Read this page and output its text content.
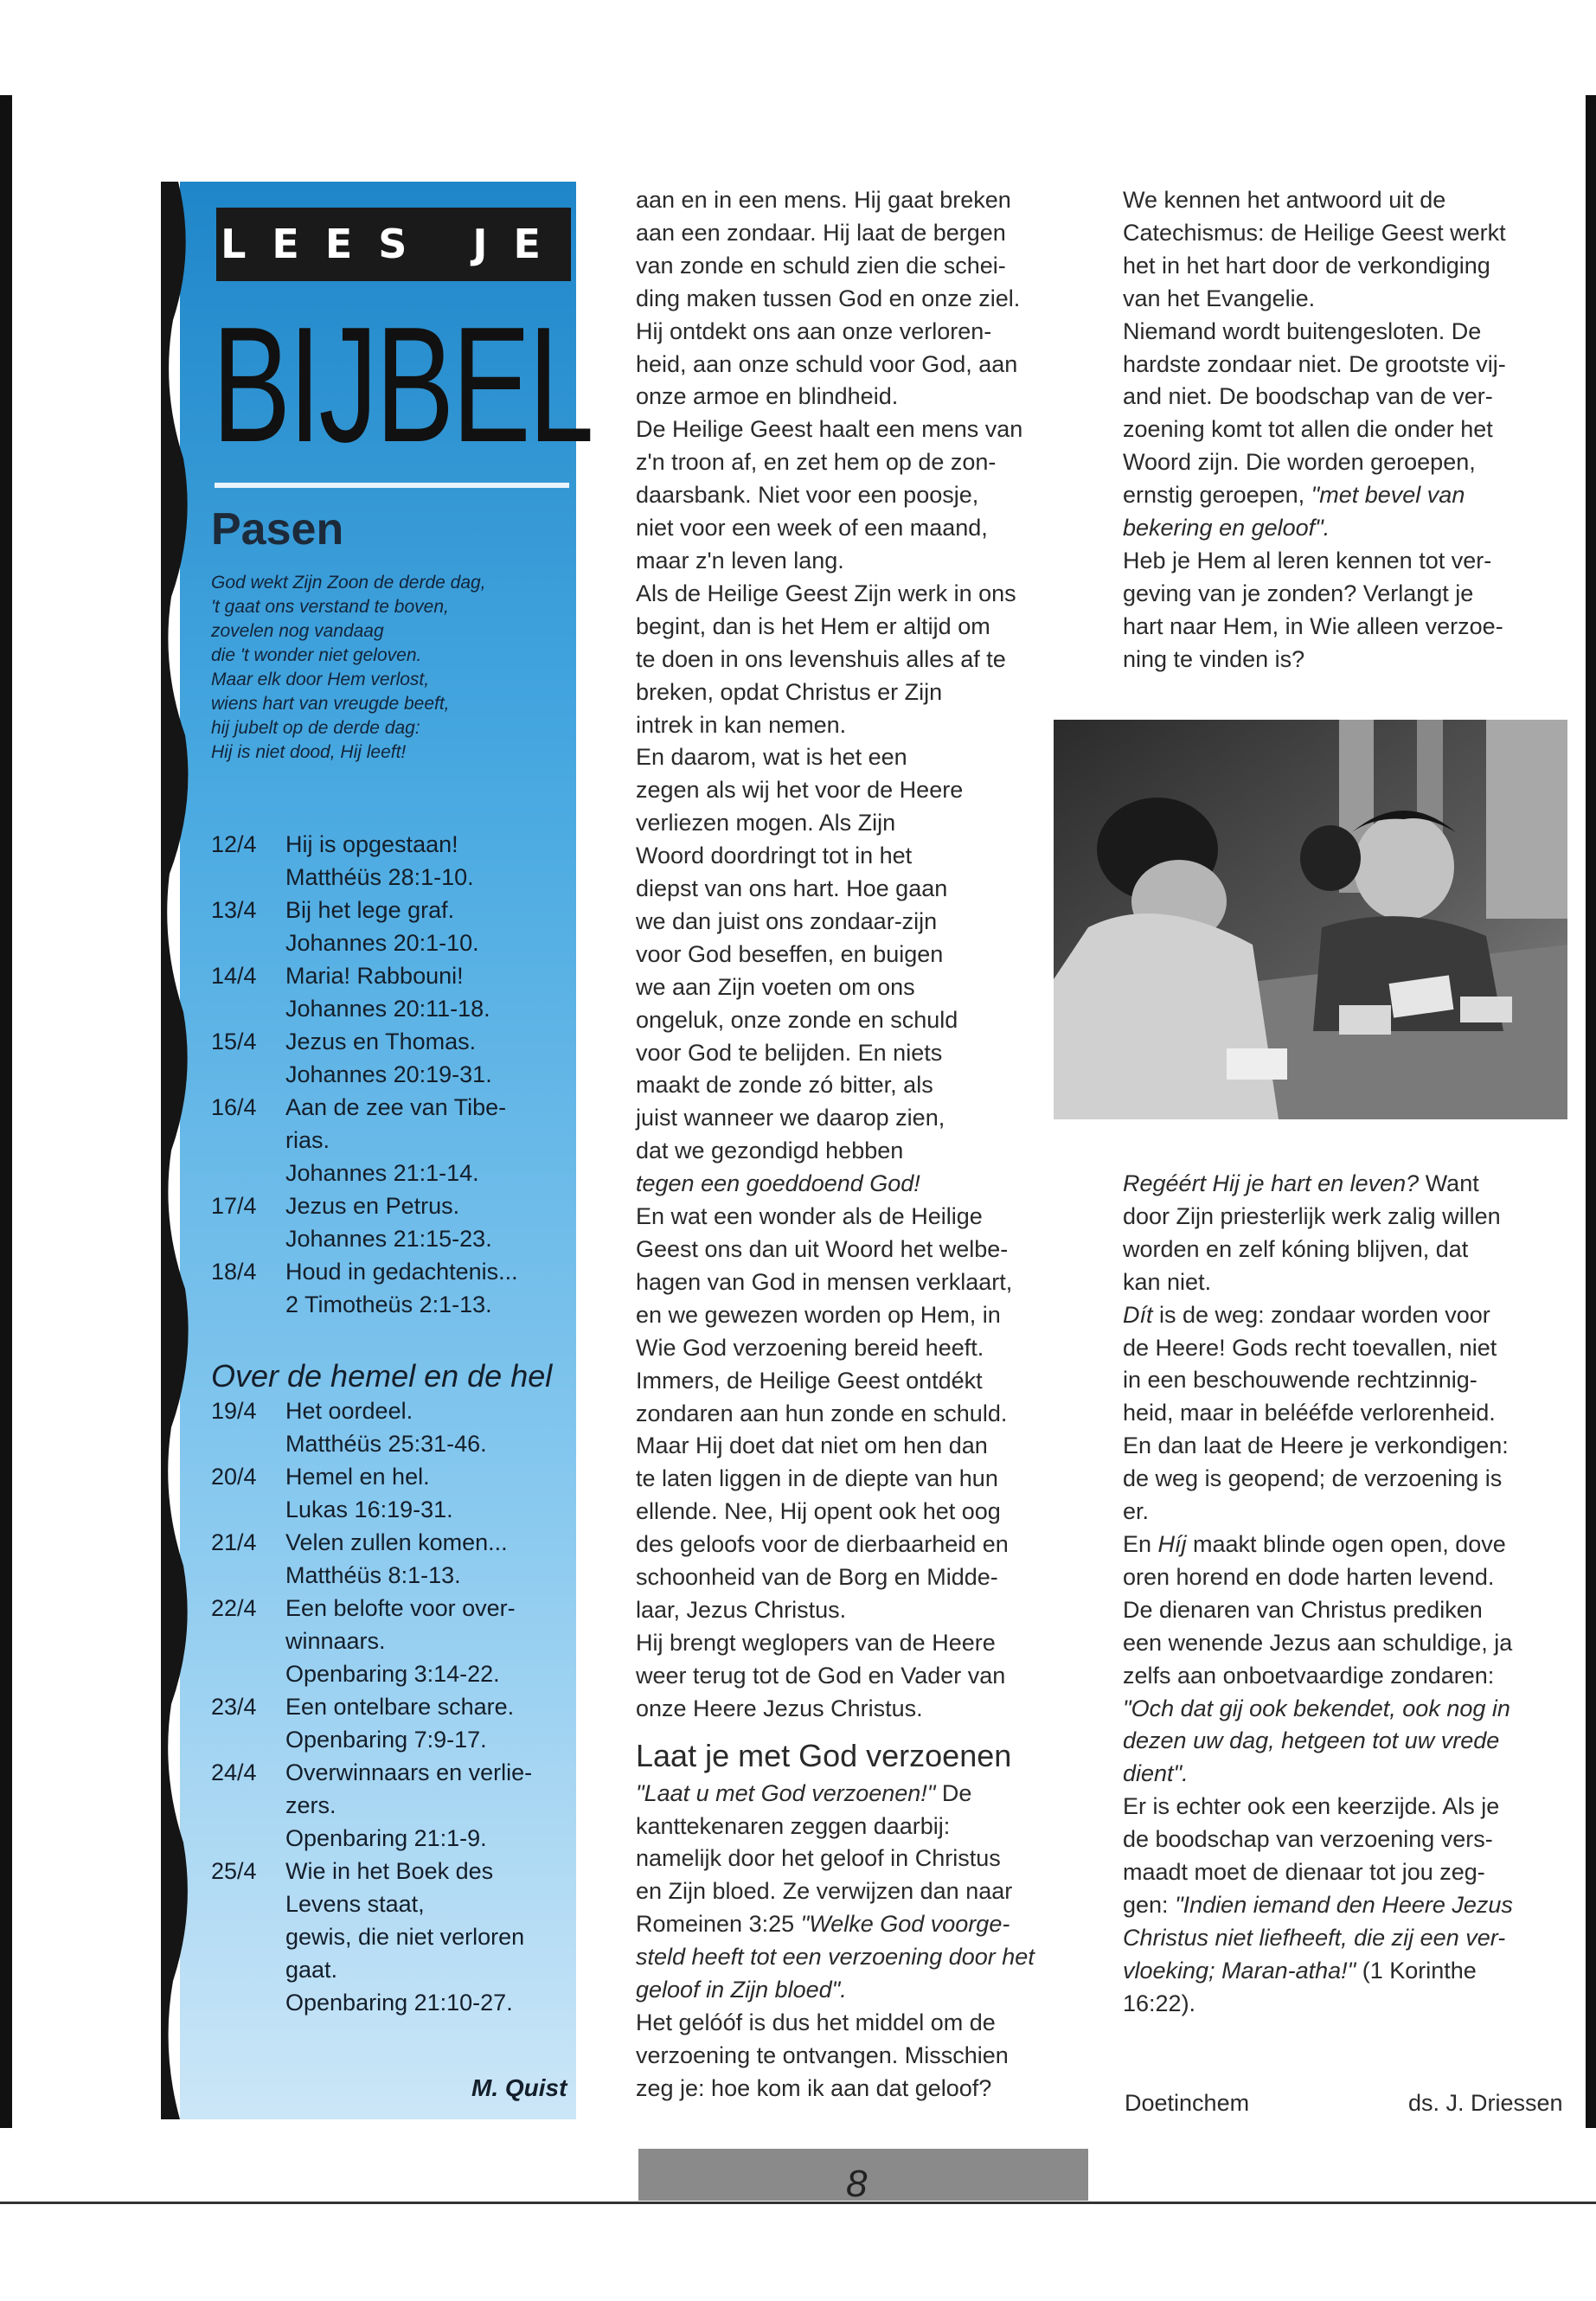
LEES JE
BIJBEL
Pasen
God wekt Zijn Zoon de derde dag,
't gaat ons verstand te boven,
zovelen nog vandaag
die 't wonder niet geloven.
Maar elk door Hem verlost,
wiens hart van vreugde beeft,
hij jubelt op de derde dag:
Hij is niet dood, Hij leeft!
12/4	Hij is opgestaan!
Matthéüs 28:1-10.
13/4	Bij het lege graf.
Johannes 20:1-10.
14/4	Maria! Rabbouni!
Johannes 20:11-18.
15/4	Jezus en Thomas.
Johannes 20:19-31.
16/4	Aan de zee van Tibe-
rias.
Johannes 21:1-14.
17/4	Jezus en Petrus.
Johannes 21:15-23.
18/4	Houd in gedachtenis...
2 Timotheüs 2:1-13.
Over de hemel en de hel
19/4	Het oordeel.
Matthéüs 25:31-46.
20/4	Hemel en hel.
Lukas 16:19-31.
21/4	Velen zullen komen...
Matthéüs 8:1-13.
22/4	Een belofte voor over-
winnaars.
Openbaring 3:14-22.
23/4	Een ontelbare schare.
Openbaring 7:9-17.
24/4	Overwinnaars en verlie-
zers.
Openbaring 21:1-9.
25/4	Wie in het Boek des
Levens staat,
gewis, die niet verloren
gaat.
Openbaring 21:10-27.
M. Quist

aan en in een mens. Hij gaat breken
aan een zondaar. Hij laat de bergen
van zonde en schuld zien die schei-
ding maken tussen God en onze ziel.
Hij ontdekt ons aan onze verloren-
heid, aan onze schuld voor God, aan
onze armoe en blindheid.

De Heilige Geest haalt een mens van
z'n troon af, en zet hem op de zon-
daarsbank. Niet voor een poosje,
niet voor een week of een maand,
maar z'n leven lang.

Als de Heilige Geest Zijn werk in ons
begint, dan is het Hem er altijd om
te doen in ons levenshuis alles af te
breken, opdat Christus er Zijn
intrek in kan nemen.

En daarom, wat is het een
zegen als wij het voor de Heere
verliezen mogen. Als Zijn
Woord doordringt tot in het
diepst van ons hart. Hoe gaan
we dan juist ons zondaar-zijn
voor God beseffen, en buigen
we aan Zijn voeten om ons
ongeluk, onze zonde en schuld
voor God te belijden. En niets
maakt de zonde zó bitter, als
juist wanneer we daarop zien,
dat we gezondigd hebben
tegen een goeddoend God!

En wat een wonder als de Heilige
Geest ons dan uit Woord het welbe-
hagen van God in mensen verklaart,
en we gewezen worden op Hem, in
Wie God verzoening bereid heeft.
Immers, de Heilige Geest ontdékt
zondaren aan hun zonde en schuld.
Maar Hij doet dat niet om hen dan
te laten liggen in de diepte van hun
ellende. Nee, Hij opent ook het oog
des geloofs voor de dierbaarheid en
schoonheid van de Borg en Midde-
laar, Jezus Christus.

Hij brengt weglopers van de Heere
weer terug tot de God en Vader van
onze Heere Jezus Christus.

Laat je met God verzoenen

"Laat u met God verzoenen!" De
kanttekenaren zeggen daarbij:
namelijk door het geloof in Christus
en Zijn bloed. Ze verwijzen dan naar
Romeinen 3:25 "Welke God voorge-
steld heeft tot een verzoening door het
geloof in Zijn bloed".

Het gelóóf is dus het middel om de
verzoening te ontvangen. Misschien
zeg je: hoe kom ik aan dat geloof?

We kennen het antwoord uit de
Catechismus: de Heilige Geest werkt
het in het hart door de verkondiging
van het Evangelie.

Niemand wordt buitengesloten. De
hardste zondaar niet. De grootste vij-
and niet. De boodschap van de ver-
zoening komt tot allen die onder het
Woord zijn. Die worden geroepen,
ernstig geroepen, "met bevel van
bekering en geloof".

Heb je Hem al leren kennen tot ver-
geving van je zonden? Verlangt je
hart naar Hem, in Wie alleen verzoe-
ning te vinden is?

Regéért Hij je hart en leven? Want
door Zijn priesterlijk werk zalig willen
worden en zelf kóning blijven, dat
kan niet.

Dít is de weg: zondaar worden voor
de Heere! Gods recht toevallen, niet
in een beschouwende rechtzinnig-
heid, maar in belééfde verlorenheid.
En dan laat de Heere je verkondigen:
de weg is geopend; de verzoening is
er.

En Híj maakt blinde ogen open, dove
oren horend en dode harten levend.
De dienaren van Christus prediken
een wenende Jezus aan schuldige, ja
zelfs aan onboetvaardige zondaren:
"Och dat gij ook bekendet, ook nog in
dezen uw dag, hetgeen tot uw vrede
dient".

Er is echter ook een keerzijde. Als je
de boodschap van verzoening vers-
maadt moet de dienaar tot jou zeg-
gen: "Indien iemand den Heere Jezus
Christus niet liefheeft, die zij een ver-
vloeking; Maran-atha!" (1 Korinthe
16:22).

Doetinchem	ds. J. Driessen
8
